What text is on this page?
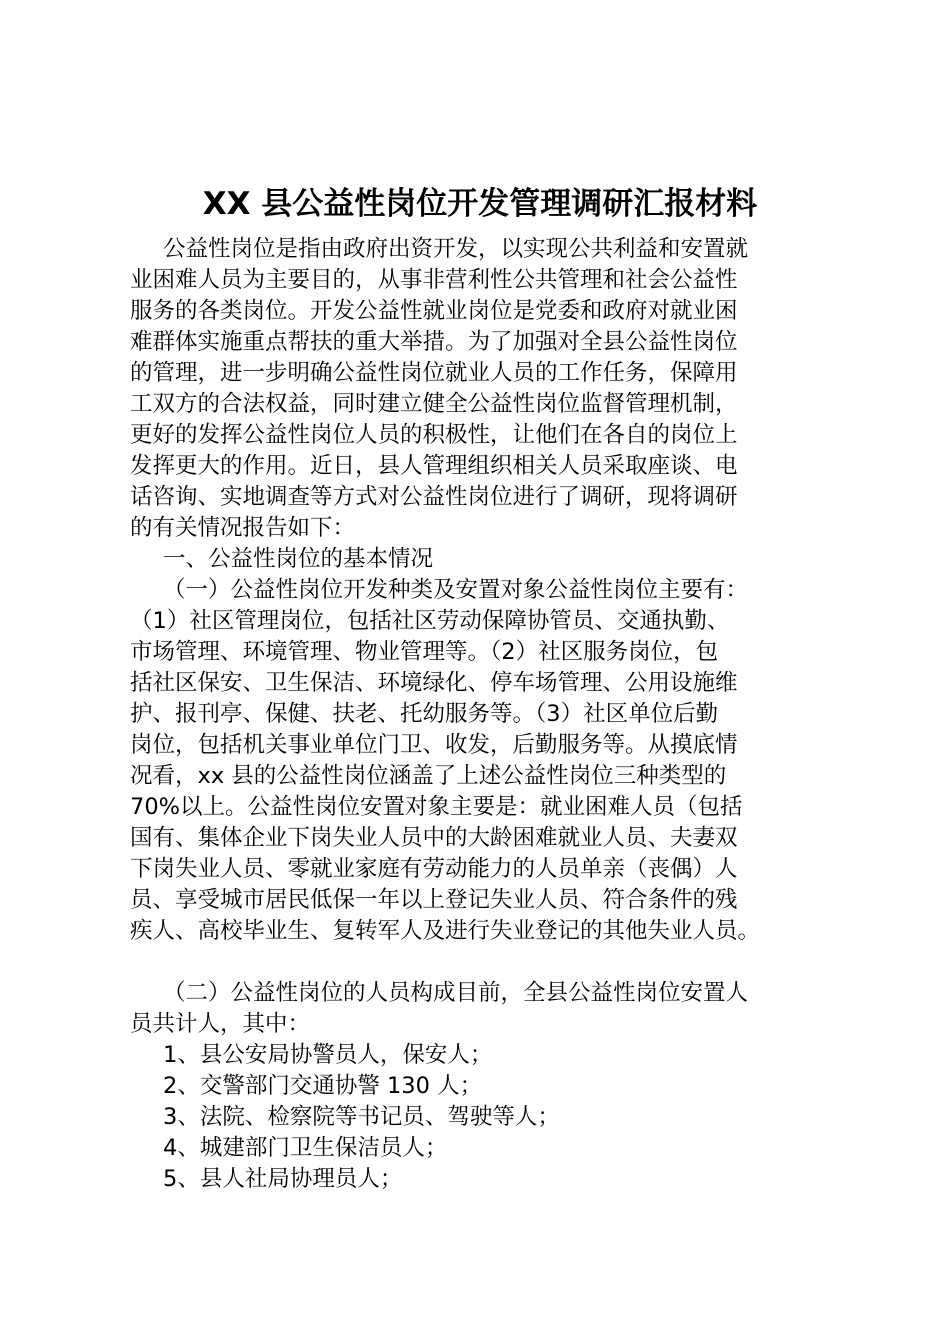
XX 县公益性岗位开发管理调研汇报材料

公益性岗位是指由政府出资开发，以实现公共利益和安置就

业困难人员为主要目的，从事非营利性公共管理和社会公益性

服务的各类岗位。开发公益性就业岗位是党委和政府对就业困

难群体实施重点帮扶的重大举措。为了加强对全县公益性岗位

的管理，进一步明确公益性岗位就业人员的工作任务，保障用

工双方的合法权益，同时建立健全公益性岗位监督管理机制，

更好的发挥公益性岗位人员的积极性，让他们在各自的岗位上

发挥更大的作用。近日，县人管理组织相关人员采取座谈、电

话咨询、实地调查等方式对公益性岗位进行了调研，现将调研

的有关情况报告如下：

一、公益性岗位的基本情况

（一）公益性岗位开发种类及安置对象公益性岗位主要有：

（1）社区管理岗位，包括社区劳动保障协管员、交通执勤、

市场管理、环境管理、物业管理等。（2）社区服务岗位，包

括社区保安、卫生保洁、环境绿化、停车场管理、公用设施维

护、报刊亭、保健、扶老、托幼服务等。（3）社区单位后勤

岗位，包括机关事业单位门卫、收发，后勤服务等。从摸底情

况看，xx 县的公益性岗位涵盖了上述公益性岗位三种类型的

70%以上。公益性岗位安置对象主要是：就业困难人员（包括

国有、集体企业下岗失业人员中的大龄困难就业人员、夫妻双

下岗失业人员、零就业家庭有劳动能力的人员单亲（丧偶）人

员、享受城市居民低保一年以上登记失业人员、符合条件的残

疾人、高校毕业生、复转军人及进行失业登记的其他失业人员。

（二）公益性岗位的人员构成目前，全县公益性岗位安置人

员共计人，其中：

1、县公安局协警员人，保安人；

2、交警部门交通协警 130 人；

3、法院、检察院等书记员、驾驶等人；

4、城建部门卫生保洁员人；

5、县人社局协理员人；
